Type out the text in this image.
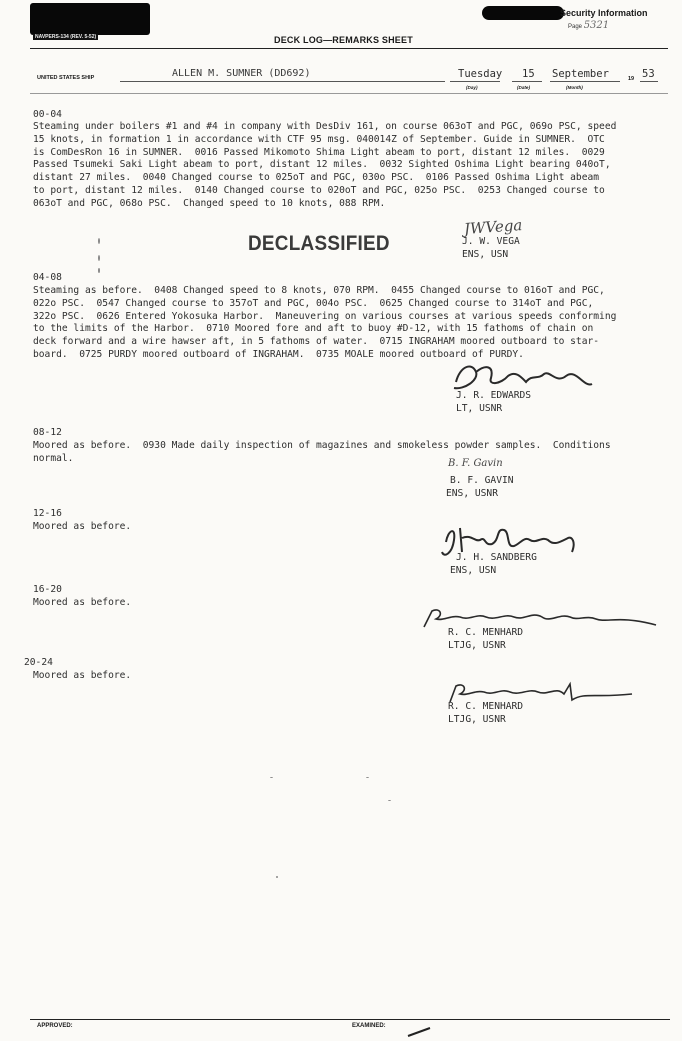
NAVPERS-134 (REV. 5-52)	DECK LOG—REMARKS SHEET
Security Information
Page 5321
UNITED STATES SHIP	ALLEN M. SUMNER (DD692)	Tuesday 15 September	19 53
(Day)	(Date)	(Month)
00-04
Steaming under boilers #1 and #4 in company with DesDiv 161, on course 063oT and PGC, 069o PSC, speed
15 knots, in formation 1 in accordance with CTF 95 msg. 040014Z of September. Guide in SUMNER.  OTC
is ComDesRon 16 in SUMNER.  0016 Passed Mikomoto Shima Light abeam to port, distant 12 miles.  0029
Passed Tsumeki Saki Light abeam to port, distant 12 miles.  0032 Sighted Oshima Light bearing 040oT,
distant 27 miles.  0040 Changed course to 025oT and PGC, 030o PSC.  0106 Passed Oshima Light abeam
to port, distant 12 miles.  0140 Changed course to 020oT and PGC, 025o PSC.  0253 Changed course to
063oT and PGC, 068o PSC.  Changed speed to 10 knots, 088 RPM.
JWVega
J. W. VEGA
ENS, USN
DECLASSIFIED
04-08
Steaming as before.  0408 Changed speed to 8 knots, 070 RPM.  0455 Changed course to 016oT and PGC,
022o PSC.  0547 Changed course to 357oT and PGC, 004o PSC.  0625 Changed course to 314oT and PGC,
322o PSC.  0626 Entered Yokosuka Harbor.  Maneuvering on various courses at various speeds conforming
to the limits of the Harbor.  0710 Moored fore and aft to buoy #D-12, with 15 fathoms of chain on
deck forward and a wire hawser aft, in 5 fathoms of water.  0715 INGRAHAM moored outboard to star-
board.  0725 PURDY moored outboard of INGRAHAM.  0735 MOALE moored outboard of PURDY.
J. R. EDWARDS
LT, USNR
08-12
Moored as before.  0930 Made daily inspection of magazines and smokeless powder samples.  Conditions
normal.	B. F. Gavin
B. F. GAVIN
ENS, USNR
12-16
Moored as before.
J. H. SANDBERG
ENS, USN
16-20
Moored as before.
R. C. MENHARD
LTJG, USNR
20-24
Moored as before.
R. C. MENHARD
LTJG, USNR
APPROVED:	EXAMINED:
